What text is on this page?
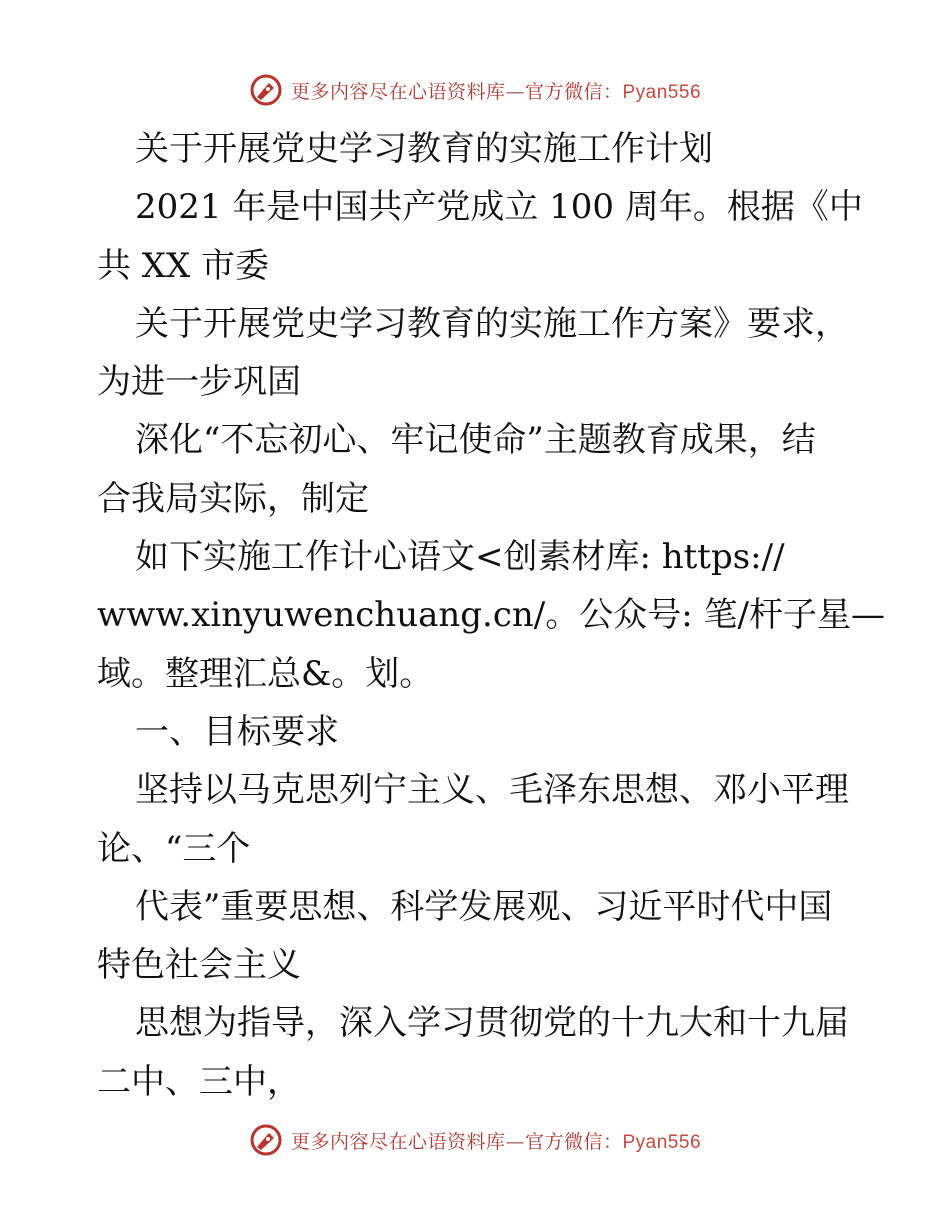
更多内容尽在心语资料库—官方微信：Pyan556
关于开展党史学习教育的实施工作计划
2021 年是中国共产党成立 100 周年。根据《中
共 XX 市委
关于开展党史学习教育的实施工作方案》要求，
为进一步巩固
深化“不忘初心、牢记使命”主题教育成果，结
合我局实际，制定
如下实施工作计心语文<创素材库: https://
www.xinyuwenchuang.cn/。公众号: 笔/杆子星—
域。整理汇总&。划。
一、目标要求
坚持以马克思列宁主义、毛泽东思想、邓小平理
论、“三个
代表”重要思想、科学发展观、习近平时代中国
特色社会主义
思想为指导，深入学习贯彻党的十九大和十九届
二中、三中，
更多内容尽在心语资料库—官方微信：Pyan556
